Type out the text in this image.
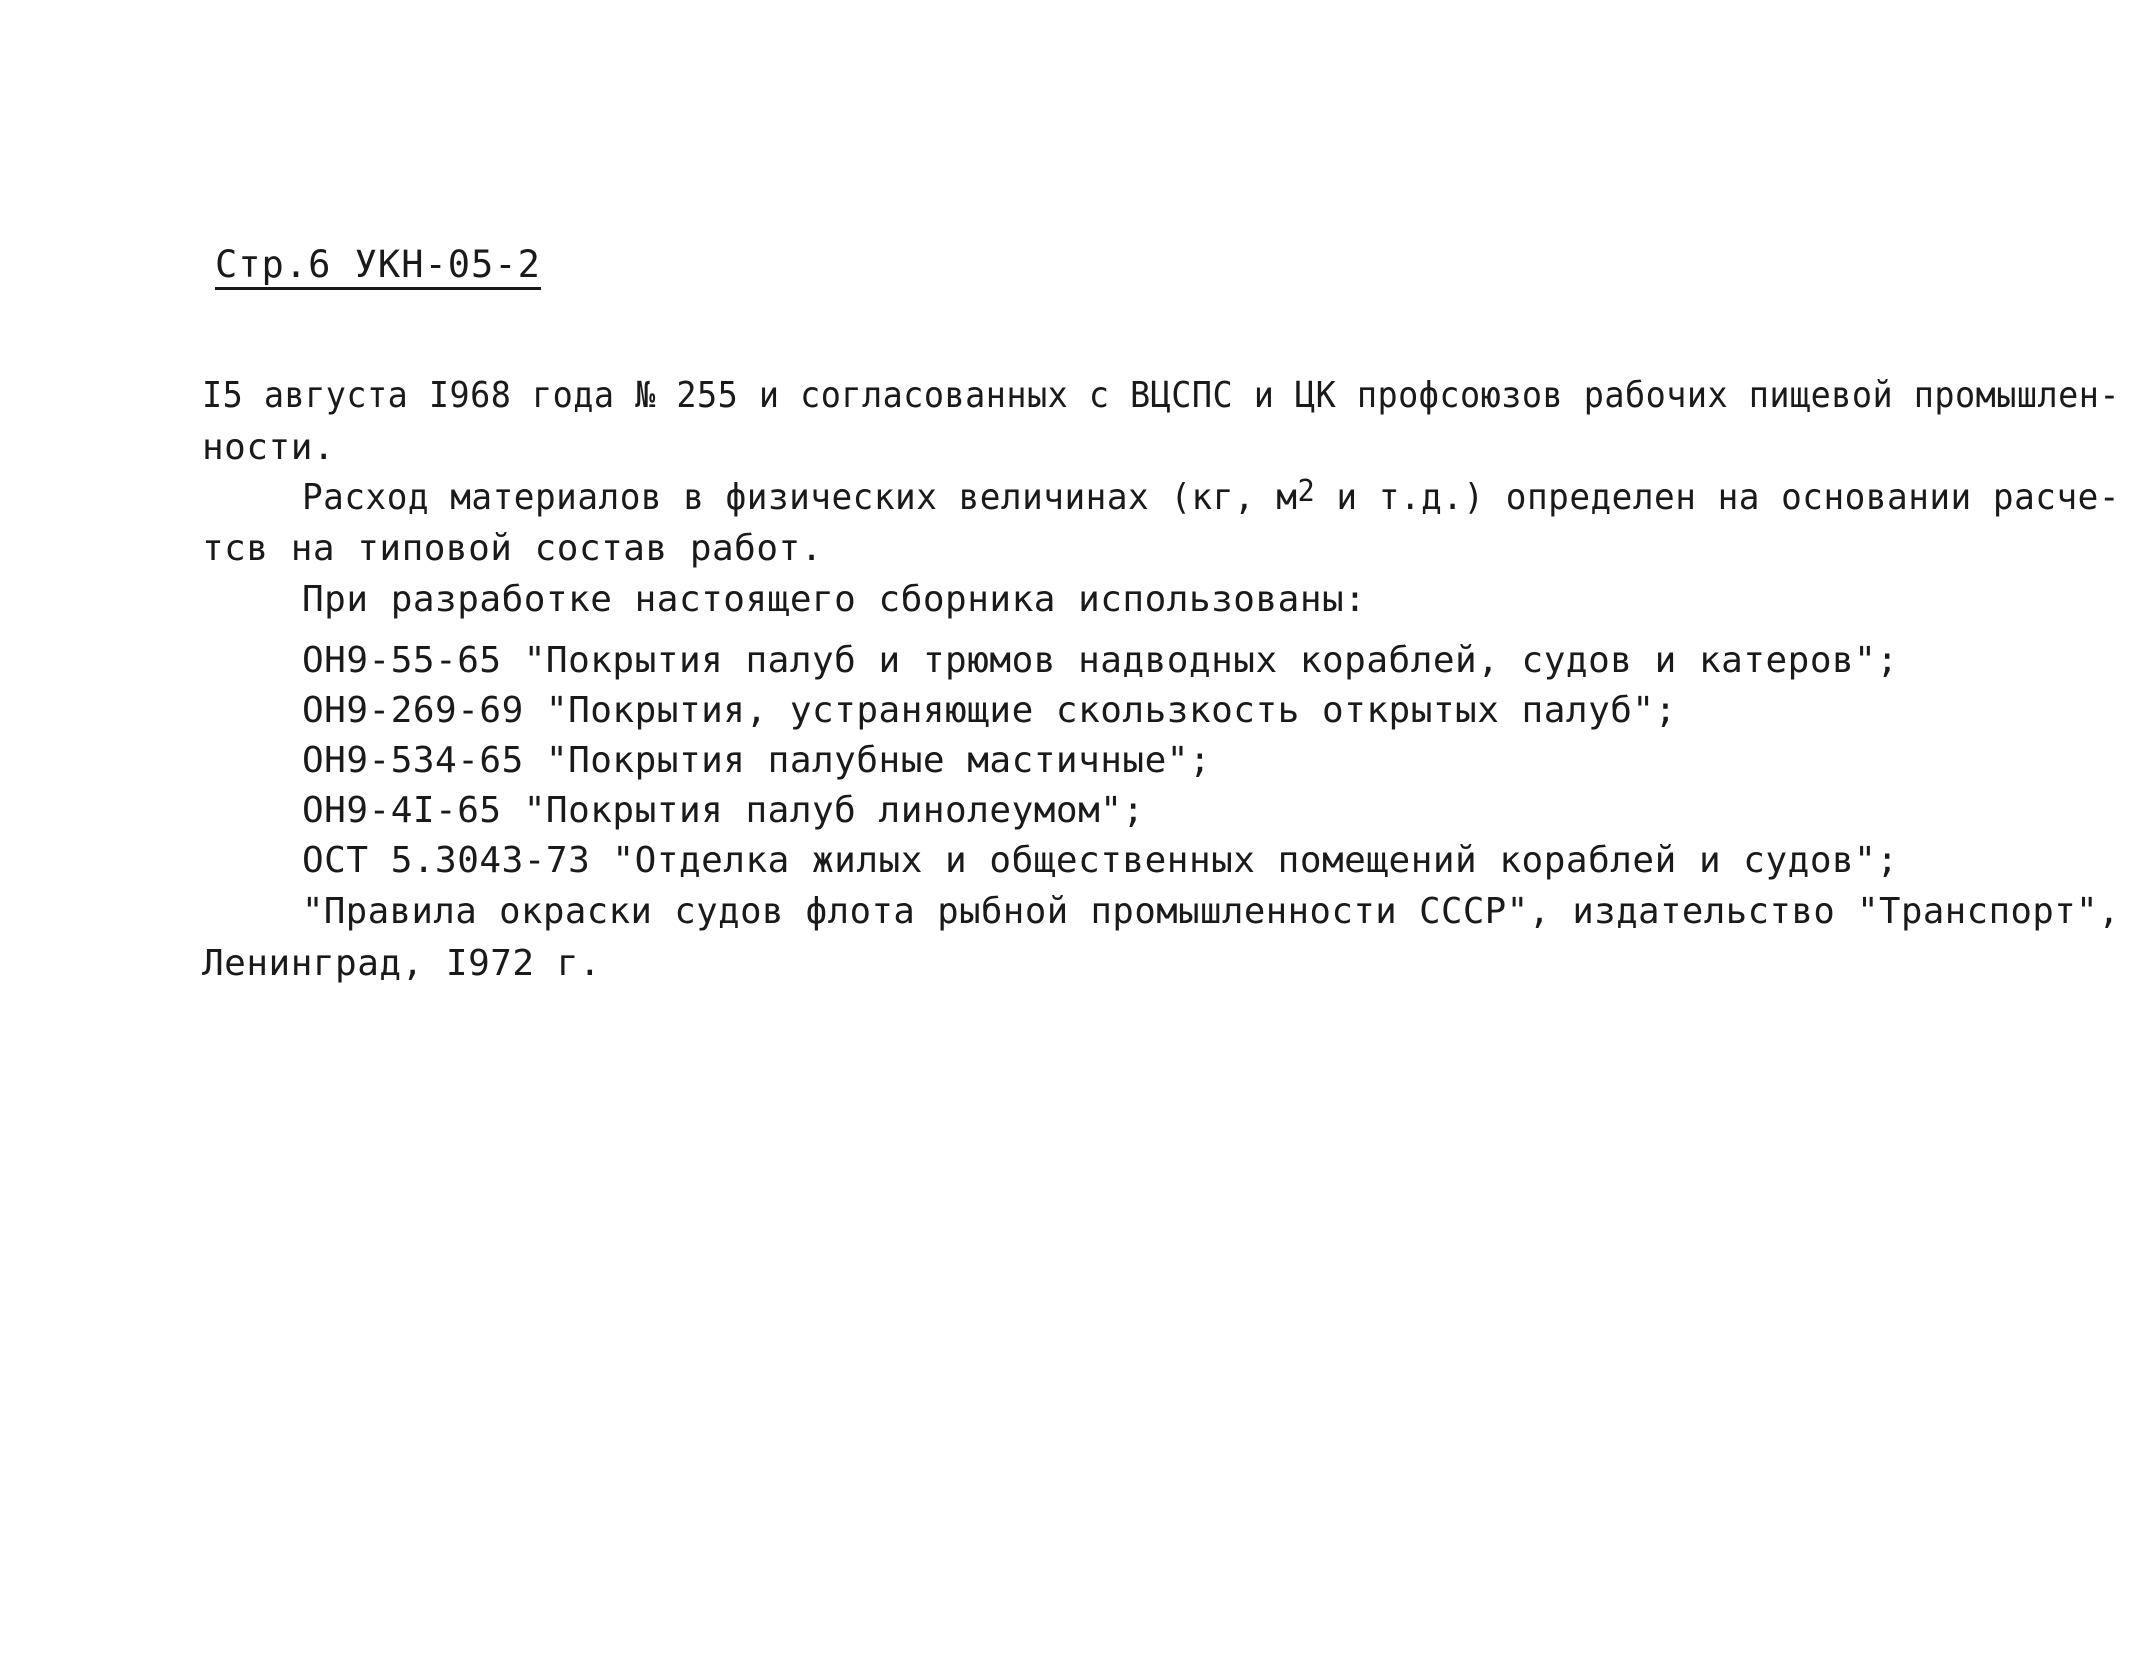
Стр.6 УКН-05-2
I5 августа I968 года № 255 и согласованных с ВЦСПС и ЦК профсоюзов рабочих пищевой промышлен-
ности.
Расход материалов в физических величинах (кг, $м^2$ и т.д.) определен на основании расче-
тсв на типовой состав работ.
При разработке настоящего сборника использованы:
ОН9-55-65 "Покрытия палуб и трюмов надводных кораблей, судов и катеров";
ОН9-269-69 "Покрытия, устраняющие скользкость открытых палуб";
ОН9-534-65 "Покрытия палубные мастичные";
ОН9-4I-65 "Покрытия палуб линолеумом";
ОСТ 5.3043-73 "Отделка жилых и общественных помещений кораблей и судов";
"Правила окраски судов флота рыбной промышленности СССР", издательство "Транспорт",
Ленинград, I972 г.
